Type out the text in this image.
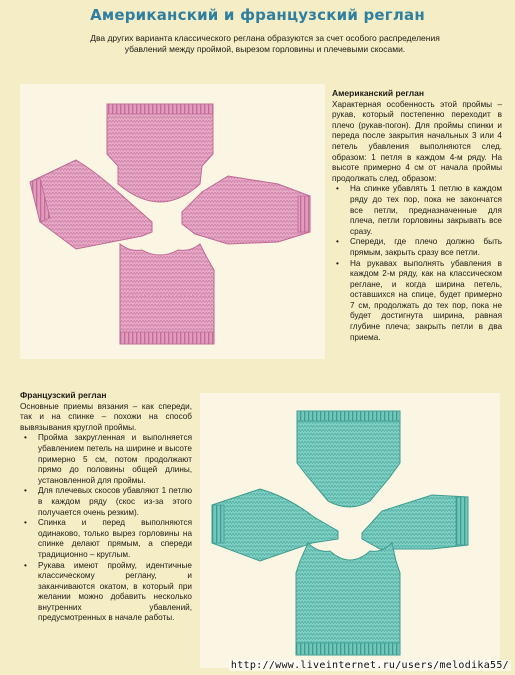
Американский и французский реглан

Два других варианта классического реглана образуются за счет особого распределения убавлений между проймой, вырезом горловины и плечевыми скосами.

Американский реглан

Характерная особенность этой проймы – рукав, который постепенно переходит в плечо (рукав-погон). Для проймы спинки и переда после закрытия начальных 3 или 4 петель убавления выполняются след. образом: 1 петля в каждом 4-м ряду. На высоте примерно 4 см от начала проймы продолжать след. образом:

• На спинке убавлять 1 петлю в каждом ряду до тех пор, пока не закончатся все петли, предназначенные для плеча, петли горловины закрывать все сразу.
• Спереди, где плечо должно быть прямым, закрыть сразу все петли.
• На рукавах выполнять убавления в каждом 2-м ряду, как на классическом реглане, и когда ширина петель, оставшихся на спице, будет примерно 7 см, продолжать до тех пор, пока не будет достигнута ширина, равная глубине плеча; закрыть петли в два приема.
Французский реглан

Основные приемы вязания – как спереди, так и на спинке – похожи на способ вывязывания круглой проймы.

• Пройма закругленная и выполняется убавлением петель на ширине и высоте примерно 5 см, потом продолжают прямо до половины общей длины, установленной для проймы.
• Для плечевых скосов убавляют 1 петлю в каждом ряду (скос из-за этого получается очень резким).
• Спинка и перед выполняются одинаково, только вырез горловины на спинке делают прямым, а спереди традиционно – круглым.
• Рукава имеют пройму, идентичные классическому реглану, и заканчиваются окатом, в который при желании можно добавить несколько внутренних убавлений, предусмотренных в начале работы.
http://www.liveinternet.ru/users/melodika55/
